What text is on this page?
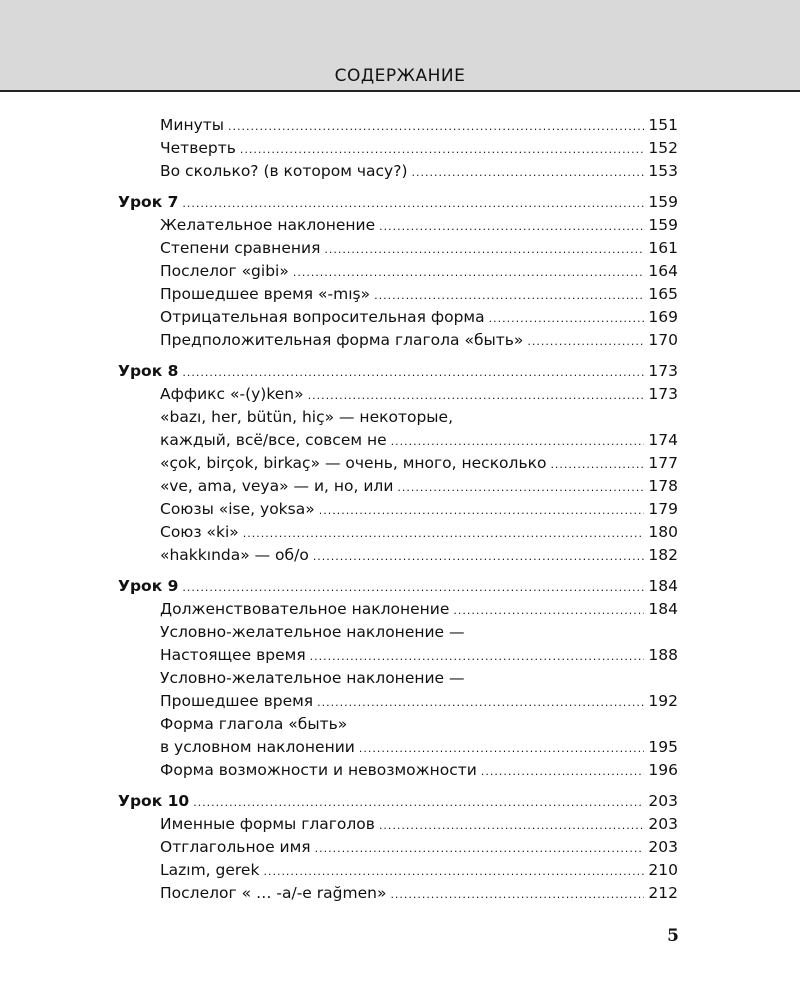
СОДЕРЖАНИЕ
Минуты .....	151
Четверть .....	152
Во сколько? (в котором часу?) .....	153
Урок 7 .....	159
Желательное наклонение .....	159
Степени сравнения .....	161
Послелог «gibi» .....	164
Прошедшее время «-mış» .....	165
Отрицательная вопросительная форма .....	169
Предположительная форма глагола «быть» .....	170
Урок 8 .....	173
Аффикс «-(y)ken» .....	173
«bazı, her, bütün, hiç» — некоторые,
каждый, всё/все, совсем не .....	174
«çok, birçok, birkaç» — очень, много, несколько .....	177
«ve, ama, veya» — и, но, или .....	178
Союзы «ise, yoksa» .....	179
Союз «ki» .....	180
«hakkında» — об/о .....	182
Урок 9 .....	184
Долженствовательное наклонение .....	184
Условно-желательное наклонение —
Настоящее время .....	188
Условно-желательное наклонение —
Прошедшее время .....	192
Форма глагола «быть»
в условном наклонении .....	195
Форма возможности и невозможности .....	196
Урок 10 .....	203
Именные формы глаголов .....	203
Отглагольное имя .....	203
Lazım, gerek .....	210
Послелог « … -a/-e rağmen» .....	212
5
